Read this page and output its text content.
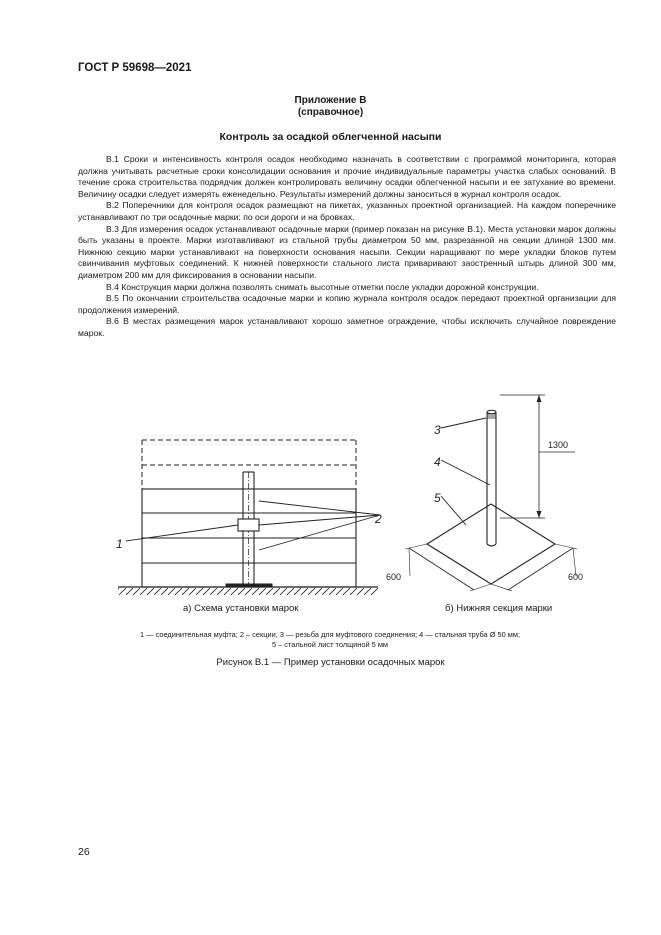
ГОСТ Р 59698—2021
Приложение В
(справочное)
Контроль за осадкой облегченной насыпи

В.1 Сроки и интенсивность контроля осадок необходимо назначать в соответствии с программой мониторинга, которая должна учитывать расчетные сроки консолидации основания и прочие индивидуальные параметры участка слабых оснований. В течение срока строительства подрядчик должен контролировать величину осадки облегченной насыпи и ее затухание во времени. Величину осадки следует измерять еженедельно. Результаты измерений должны заноситься в журнал контроля осадок.

В.2 Поперечники для контроля осадок размещают на пикетах, указанных проектной организацией. На каждом поперечнике устанавливают по три осадочные марки: по оси дороги и на бровках.

В.3 Для измерения осадок устанавливают осадочные марки (пример показан на рисунке В.1). Места установки марок должны быть указаны в проекте. Марки изготавливают из стальной трубы диаметром 50 мм, разрезанной на секции длиной 1300 мм. Нижнюю секцию марки устанавливают на поверхности основания насыпи. Секции наращивают по мере укладки блоков путем свинчивания муфтовых соединений. К нижней поверхности стального листа приваривают заостренный штырь длиной 300 мм, диаметром 200 мм для фиксирования в основании насыпи.

В.4 Конструкция марки должна позволять снимать высотные отметки после укладки дорожной конструкции.

В.5 По окончании строительства осадочные марки и копию журнала контроля осадок передают проектной организации для продолжения измерений.

В.6 В местах размещения марок устанавливают хорошо заметное ограждение, чтобы исключить случайное повреждение марок.

1
2
3
4
5
1300
600	600
а) Схема установки марок	б) Нижняя секция марки
1 — соединительная муфта; 2 – секции, 3 — резьба для муфтового соединения; 4 — стальная труба Ø 50 мм;
5 – стальной лист толщиной 5 мм
Рисунок В.1 — Пример установки осадочных марок
26
